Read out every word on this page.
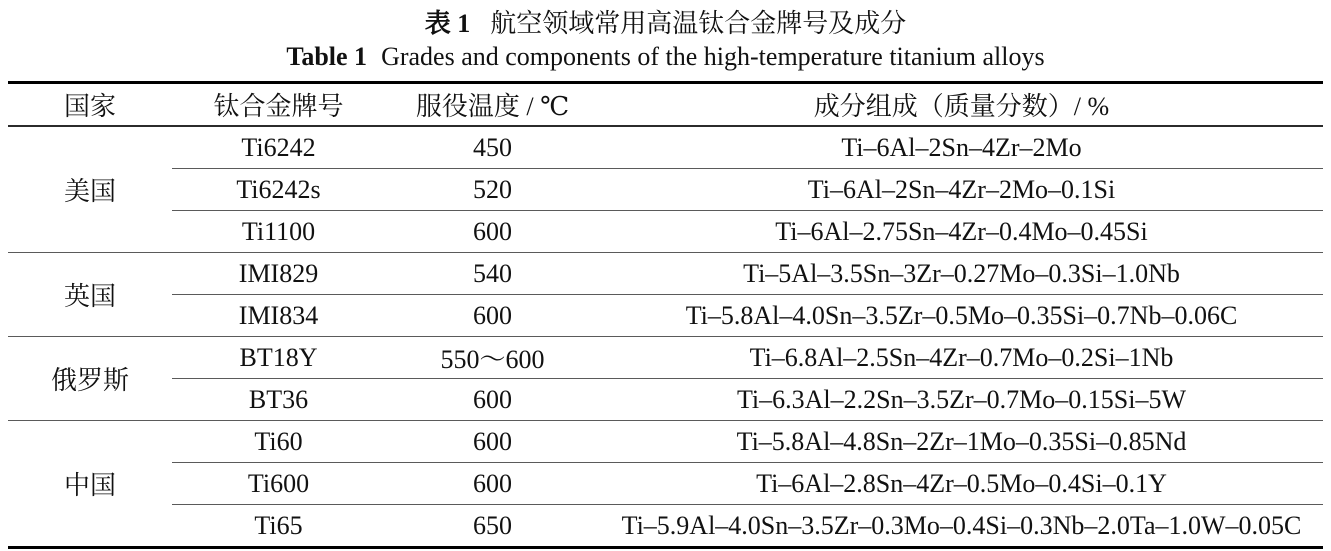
表 1 航空领域常用高温钛合金牌号及成分
Table 1 Grades and components of the high-temperature titanium alloys
国家	钛合金牌号	服役温度 / ℃	成分组成（质量分数）/ %
美国	Ti6242	450	Ti–6Al–2Sn–4Zr–2Mo
	Ti6242s	520	Ti–6Al–2Sn–4Zr–2Mo–0.1Si
	Ti1100	600	Ti–6Al–2.75Sn–4Zr–0.4Mo–0.45Si
英国	IMI829	540	Ti–5Al–3.5Sn–3Zr–0.27Mo–0.3Si–1.0Nb
	IMI834	600	Ti–5.8Al–4.0Sn–3.5Zr–0.5Mo–0.35Si–0.7Nb–0.06C
俄罗斯	BT18Y	550～600	Ti–6.8Al–2.5Sn–4Zr–0.7Mo–0.2Si–1Nb
	BT36	600	Ti–6.3Al–2.2Sn–3.5Zr–0.7Mo–0.15Si–5W
中国	Ti60	600	Ti–5.8Al–4.8Sn–2Zr–1Mo–0.35Si–0.85Nd
	Ti600	600	Ti–6Al–2.8Sn–4Zr–0.5Mo–0.4Si–0.1Y
	Ti65	650	Ti–5.9Al–4.0Sn–3.5Zr–0.3Mo–0.4Si–0.3Nb–2.0Ta–1.0W–0.05C
